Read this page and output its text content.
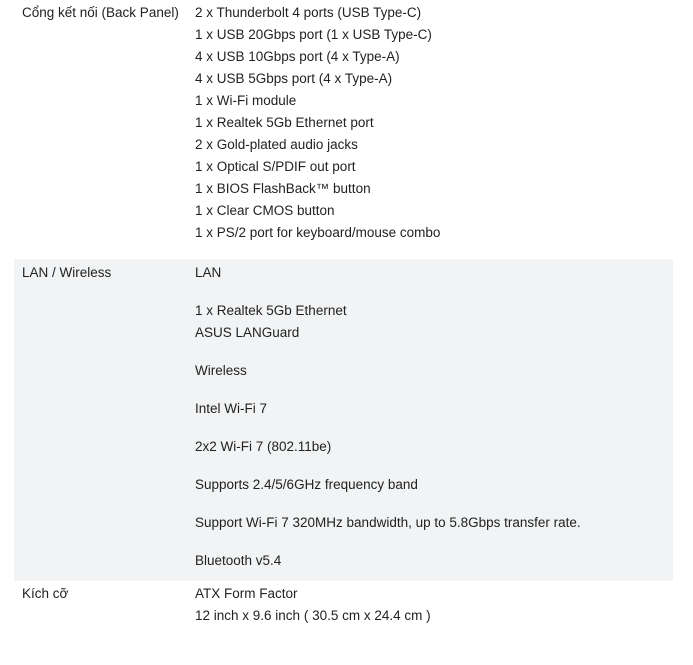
Cổng kết nối (Back Panel)	2 x Thunderbolt 4 ports (USB Type-C)
1 x USB 20Gbps port (1 x USB Type-C)
4 x USB 10Gbps port (4 x Type-A)
4 x USB 5Gbps port (4 x Type-A)
1 x Wi-Fi module
1 x Realtek 5Gb Ethernet port
2 x Gold-plated audio jacks
1 x Optical S/PDIF out port
1 x BIOS FlashBack™ button
1 x Clear CMOS button
1 x PS/2 port for keyboard/mouse combo
LAN / Wireless	LAN
1 x Realtek 5Gb Ethernet
ASUS LANGuard
Wireless
Intel Wi-Fi 7
2x2 Wi-Fi 7 (802.11be)
Supports 2.4/5/6GHz frequency band
Support Wi-Fi 7 320MHz bandwidth, up to 5.8Gbps transfer rate.
Bluetooth v5.4
Kích cỡ	ATX Form Factor
12 inch x 9.6 inch ( 30.5 cm x 24.4 cm )
